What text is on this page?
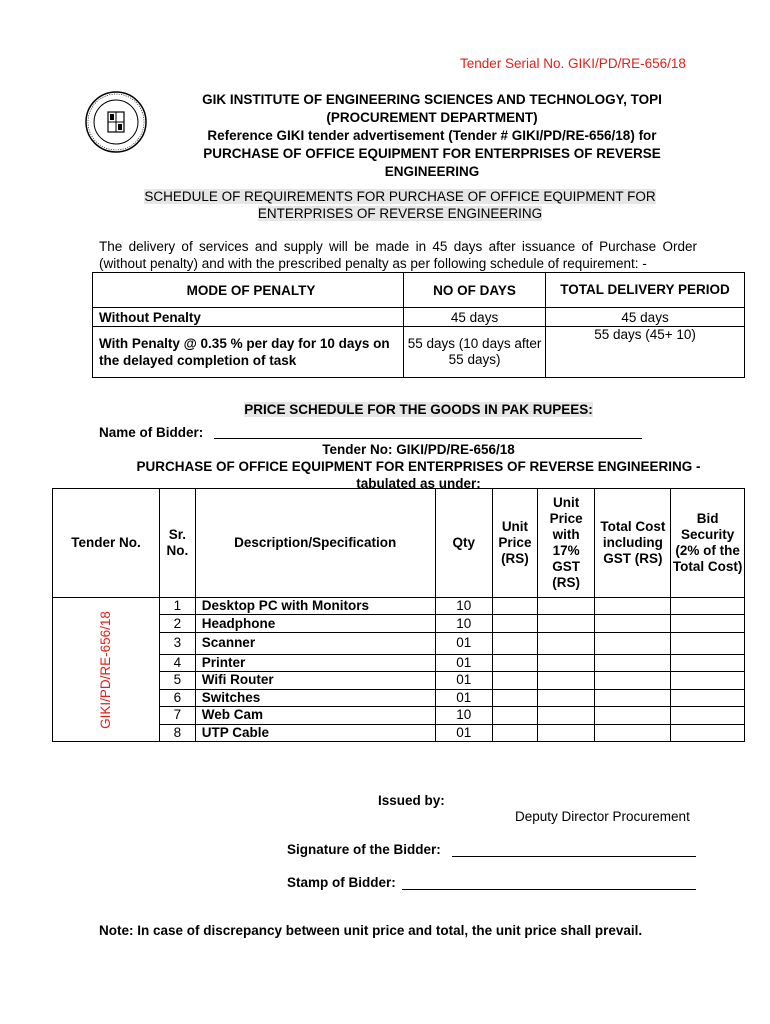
Tender Serial No. GIKI/PD/RE-656/18
GIK INSTITUTE OF ENGINEERING SCIENCES AND TECHNOLOGY, TOPI
(PROCUREMENT DEPARTMENT)
Reference GIKI tender advertisement (Tender # GIKI/PD/RE-656/18) for
PURCHASE OF OFFICE EQUIPMENT FOR ENTERPRISES OF REVERSE
ENGINEERING
SCHEDULE OF REQUIREMENTS FOR PURCHASE OF OFFICE EQUIPMENT FOR
ENTERPRISES OF REVERSE ENGINEERING
The delivery of services and supply will be made in 45 days after issuance of Purchase Order (without penalty) and with the prescribed penalty as per following schedule of requirement: -
MODE OF PENALTY	NO OF DAYS	TOTAL DELIVERY PERIOD
Without Penalty	45 days	45 days
With Penalty @ 0.35 % per day for 10 days on the delayed completion of task	55 days (10 days after 55 days)	55 days (45+ 10)
PRICE SCHEDULE FOR THE GOODS IN PAK RUPEES:
Name of Bidder:
Tender No: GIKI/PD/RE-656/18
PURCHASE OF OFFICE EQUIPMENT FOR ENTERPRISES OF REVERSE ENGINEERING -
tabulated as under:
Tender No.	Sr. No.	Description/Specification	Qty	Unit Price (RS)	Unit Price with 17% GST (RS)	Total Cost including GST (RS)	Bid Security (2% of the Total Cost)

GIKI/PD/RE-656/18	1	Desktop PC with Monitors	10				
	2	Headphone	10				
	3	Scanner	01				
	4	Printer	01				
	5	Wifi Router	01				
	6	Switches	01				
	7	Web Cam	10				
	8	UTP Cable	01				
Issued by:
Deputy Director Procurement
Signature of the Bidder:
Stamp of Bidder:
Note: In case of discrepancy between unit price and total, the unit price shall prevail.
